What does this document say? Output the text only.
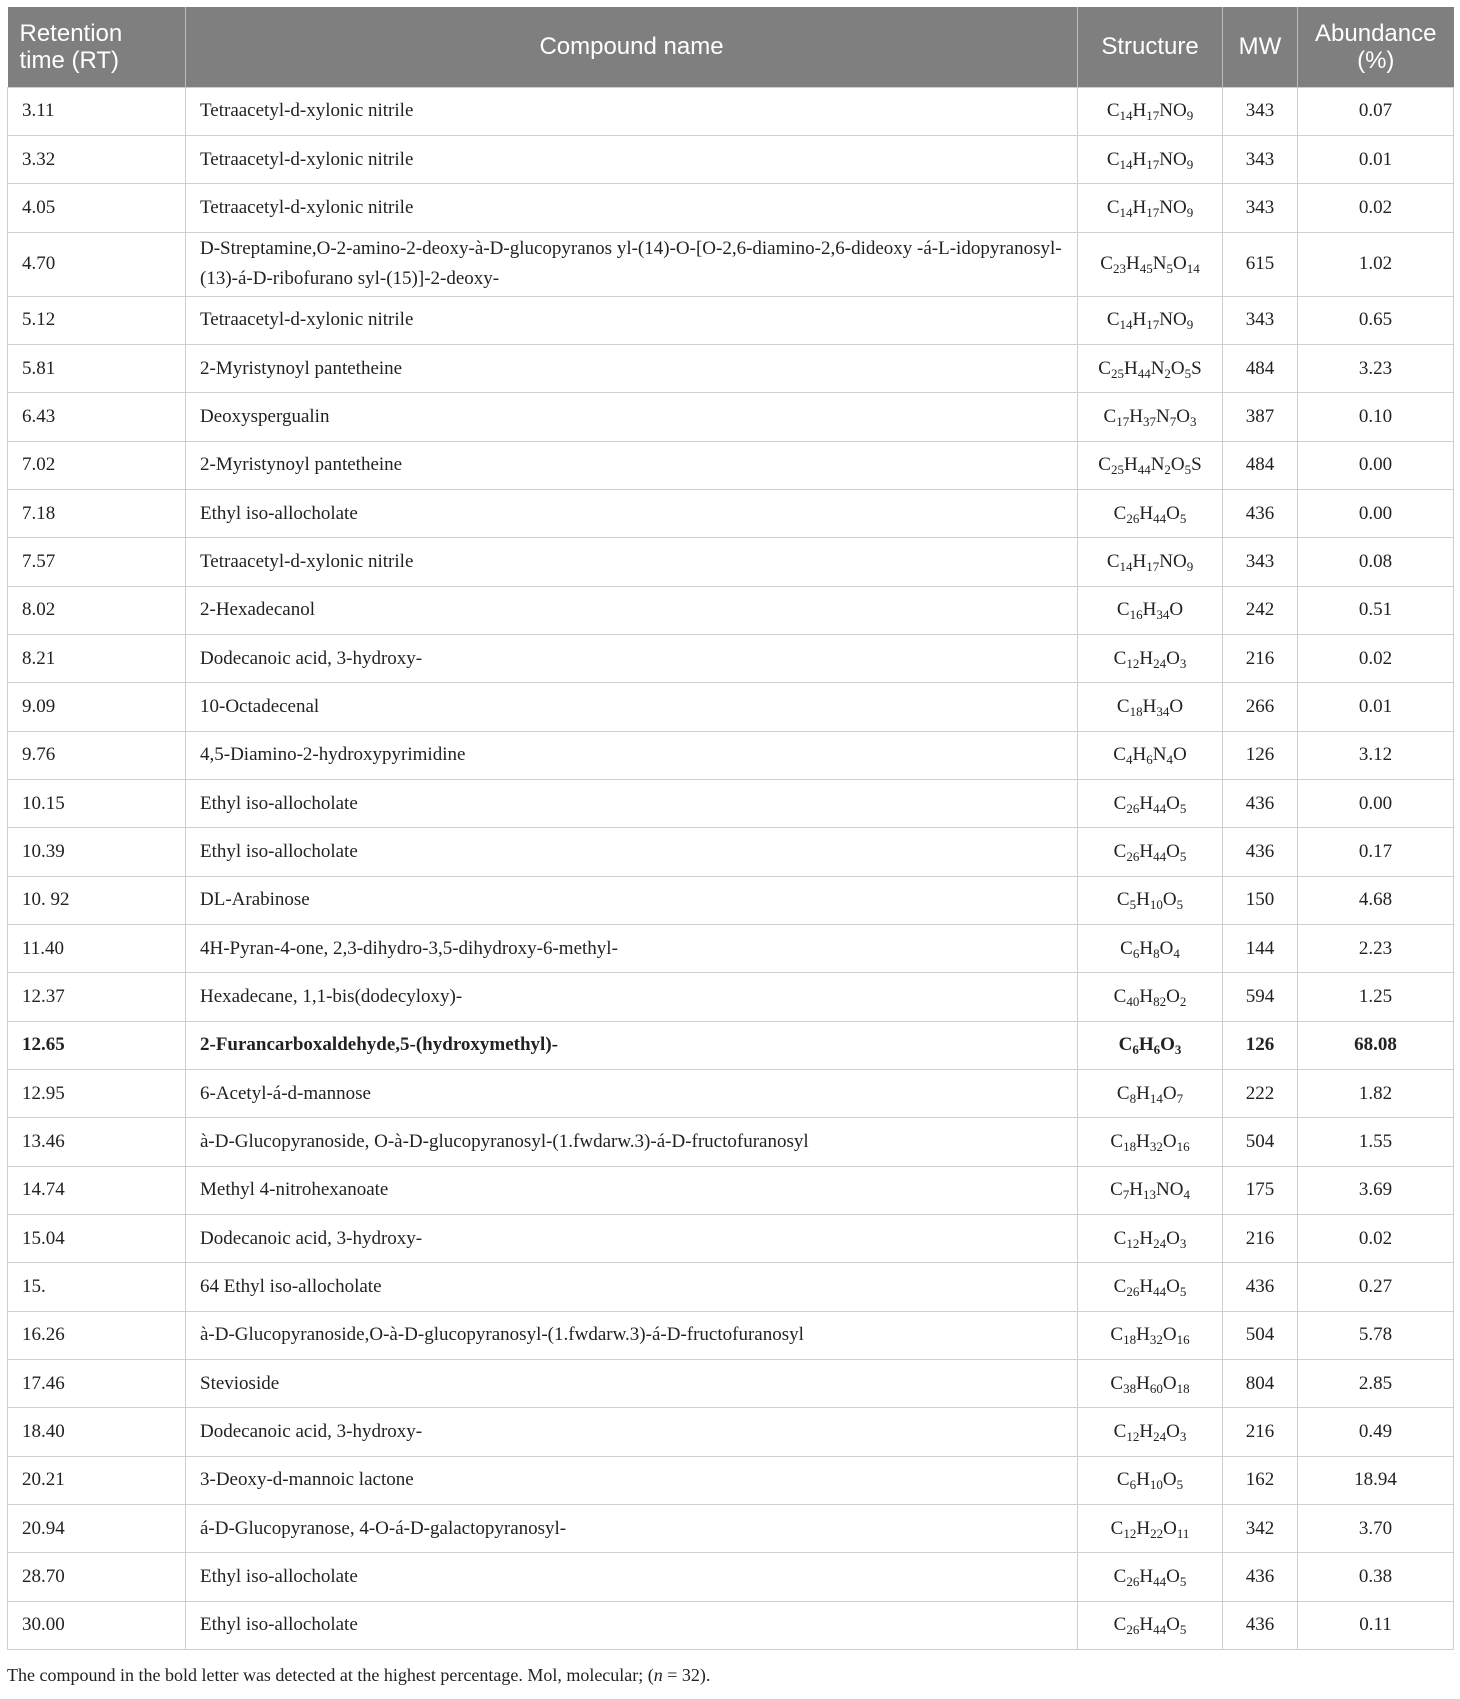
Retention time (RT)	Compound name	Structure	MW	Abundance (%)
3.11	Tetraacetyl-d-xylonic nitrile	$C_{14}H_{17}NO_9$	343	0.07
3.32	Tetraacetyl-d-xylonic nitrile	$C_{14}H_{17}NO_9$	343	0.01
4.05	Tetraacetyl-d-xylonic nitrile	$C_{14}H_{17}NO_9$	343	0.02
4.70	D-Streptamine,O-2-amino-2-deoxy-à-D-glucopyranos yl-(14)-O-[O-2,6-diamino-2,6-dideoxy -á-L-idopyranosyl-(13)-á-D-ribofurano syl-(15)]-2-deoxy-	$C_{23}H_{45}N_5O_{14}$	615	1.02
5.12	Tetraacetyl-d-xylonic nitrile	$C_{14}H_{17}NO_9$	343	0.65
5.81	2-Myristynoyl pantetheine	$C_{25}H_{44}N_2O_5S$	484	3.23
6.43	Deoxyspergualin	$C_{17}H_{37}N_7O_3$	387	0.10
7.02	2-Myristynoyl pantetheine	$C_{25}H_{44}N_2O_5S$	484	0.00
7.18	Ethyl iso-allocholate	$C_{26}H_{44}O_5$	436	0.00
7.57	Tetraacetyl-d-xylonic nitrile	$C_{14}H_{17}NO_9$	343	0.08
8.02	2-Hexadecanol	$C_{16}H_{34}O$	242	0.51
8.21	Dodecanoic acid, 3-hydroxy-	$C_{12}H_{24}O_3$	216	0.02
9.09	10-Octadecenal	$C_{18}H_{34}O$	266	0.01
9.76	4,5-Diamino-2-hydroxypyrimidine	$C_4H_6N_4O$	126	3.12
10.15	Ethyl iso-allocholate	$C_{26}H_{44}O_5$	436	0.00
10.39	Ethyl iso-allocholate	$C_{26}H_{44}O_5$	436	0.17
10. 92	DL-Arabinose	$C_5H_{10}O_5$	150	4.68
11.40	4H-Pyran-4-one, 2,3-dihydro-3,5-dihydroxy-6-methyl-	$C_6H_8O_4$	144	2.23
12.37	Hexadecane, 1,1-bis(dodecyloxy)-	$C_{40}H_{82}O_2$	594	1.25
12.65	2-Furancarboxaldehyde,5-(hydroxymethyl)-	$C_6H_6O_3$	126	68.08
12.95	6-Acetyl-á-d-mannose	$C_8H_{14}O_7$	222	1.82
13.46	à-D-Glucopyranoside, O-à-D-glucopyranosyl-(1.fwdarw.3)-á-D-fructofuranosyl	$C_{18}H_{32}O_{16}$	504	1.55
14.74	Methyl 4-nitrohexanoate	$C_7H_{13}NO_4$	175	3.69
15.04	Dodecanoic acid, 3-hydroxy-	$C_{12}H_{24}O_3$	216	0.02
15.	64 Ethyl iso-allocholate	$C_{26}H_{44}O_5$	436	0.27
16.26	à-D-Glucopyranoside,O-à-D-glucopyranosyl-(1.fwdarw.3)-á-D-fructofuranosyl	$C_{18}H_{32}O_{16}$	504	5.78
17.46	Stevioside	$C_{38}H_{60}O_{18}$	804	2.85
18.40	Dodecanoic acid, 3-hydroxy-	$C_{12}H_{24}O_3$	216	0.49
20.21	3-Deoxy-d-mannoic lactone	$C_6H_{10}O_5$	162	18.94
20.94	á-D-Glucopyranose, 4-O-á-D-galactopyranosyl-	$C_{12}H_{22}O_{11}$	342	3.70
28.70	Ethyl iso-allocholate	$C_{26}H_{44}O_5$	436	0.38
30.00	Ethyl iso-allocholate	$C_{26}H_{44}O_5$	436	0.11
The compound in the bold letter was detected at the highest percentage. Mol, molecular; (n = 32).
